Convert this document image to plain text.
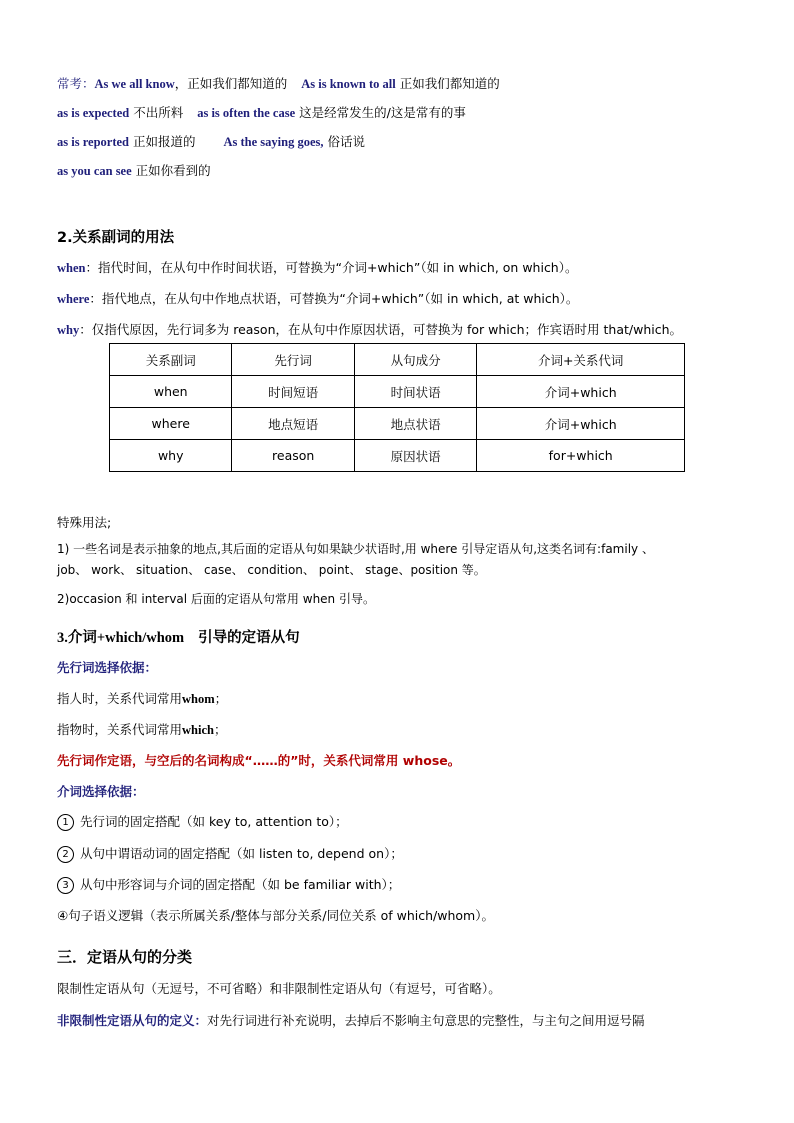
常考：As we all know，正如我们都知道的 As is known to all 正如我们都知道的
as is expected 不出所料 as is often the case 这是经常发生的/这是常有的事
as is reported 正如报道的 As the saying goes, 俗话说
as you can see 正如你看到的
2.关系副词的用法
when：指代时间，在从句中作时间状语，可替换为“介词+which”（如 in which, on which）。
where：指代地点，在从句中作地点状语，可替换为“介词+which”（如 in which, at which）。
why：仅指代原因，先行词多为 reason，在从句中作原因状语，可替换为 for which；作宾语时用 that/which。
关系副词	先行词	从句成分	介词+关系代词
when	时间短语	时间状语	介词+which
where	地点短语	地点状语	介词+which
why	reason	原因状语	for+which
特殊用法;
1) 一些名词是表示抽象的地点,其后面的定语从句如果缺少状语时,用 where 引导定语从句,这类名词有:family 、
job、 work、 situation、 case、 condition、 point、 stage、position 等。
2)occasion 和 interval 后面的定语从句常用 when 引导。
3.介词+which/whom 引导的定语从句
先行词选择依据：
指人时，关系代词常用whom；
指物时，关系代词常用which；
先行词作定语，与空后的名词构成“……的”时，关系代词常用 whose。
介词选择依据：
1 先行词的固定搭配（如 key to, attention to）；
2 从句中谓语动词的固定搭配（如 listen to, depend on）；
3 从句中形容词与介词的固定搭配（如 be familiar with）；
④句子语义逻辑（表示所属关系/整体与部分关系/同位关系 of which/whom）。
三．定语从句的分类
限制性定语从句（无逗号，不可省略）和非限制性定语从句（有逗号，可省略）。
非限制性定语从句的定义：对先行词进行补充说明，去掉后不影响主句意思的完整性，与主句之间用逗号隔
